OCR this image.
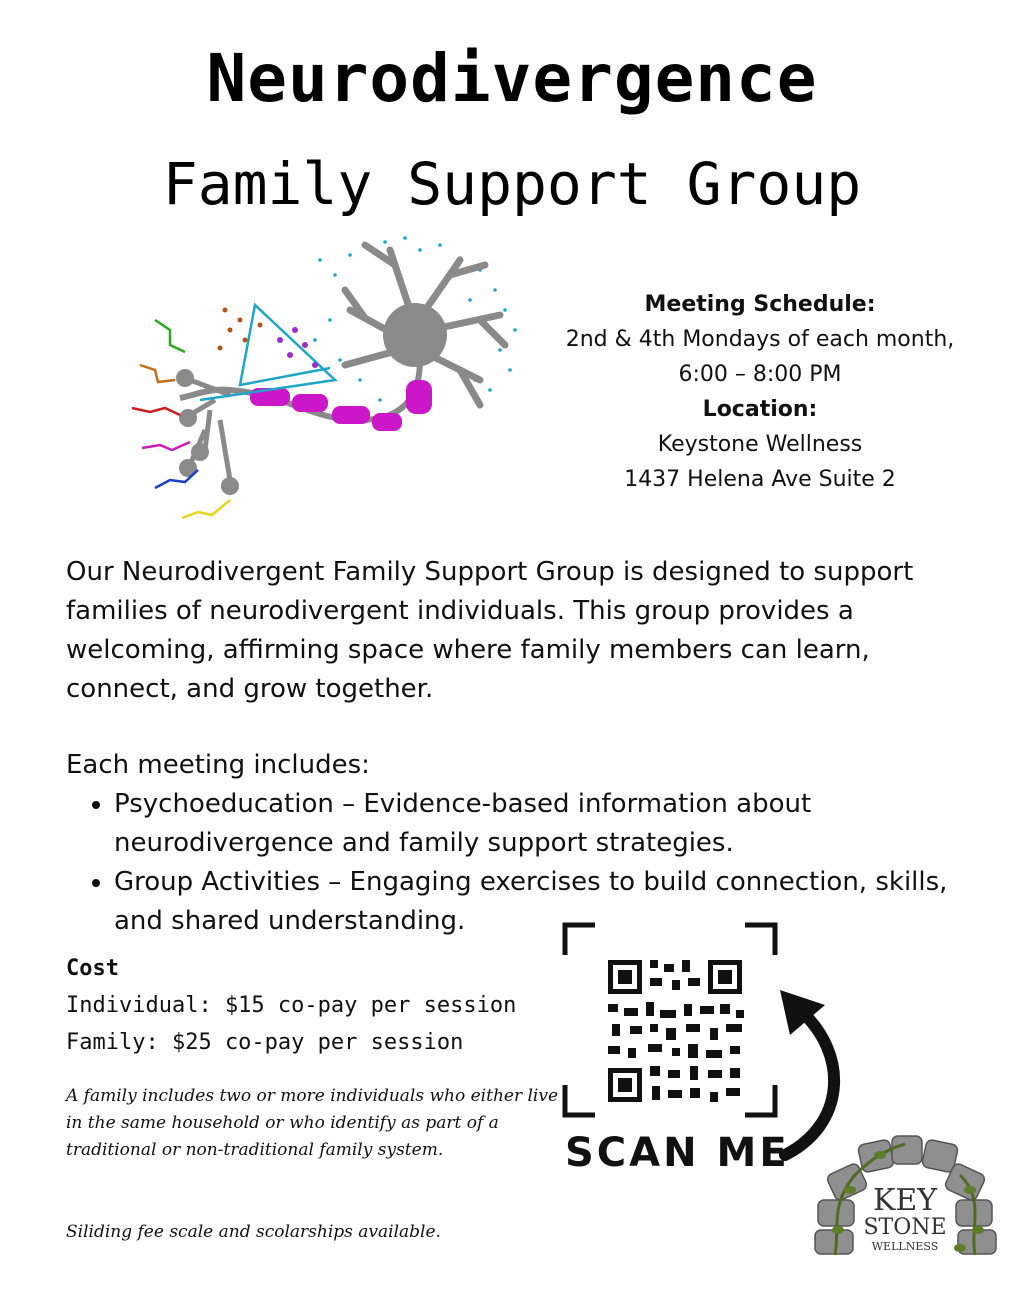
Neurodivergence
Family Support Group
Meeting Schedule:
2nd & 4th Mondays of each month,
6:00 – 8:00 PM
Location:
Keystone Wellness
1437 Helena Ave Suite 2
Our Neurodivergent Family Support Group is designed to support families of neurodivergent individuals. This group provides a welcoming, affirming space where family members can learn, connect, and grow together.
Each meeting includes:
• Psychoeducation – Evidence-based information about neurodivergence and family support strategies.
• Group Activities – Engaging exercises to build connection, skills, and shared understanding.
Cost
Individual: $15 co-pay per session
Family: $25 co-pay per session
A family includes two or more individuals who either live in the same household or who identify as part of a traditional or non-traditional family system.
Siliding fee scale and scolarships available.
SCAN ME
KEY
STONE
WELLNESS
